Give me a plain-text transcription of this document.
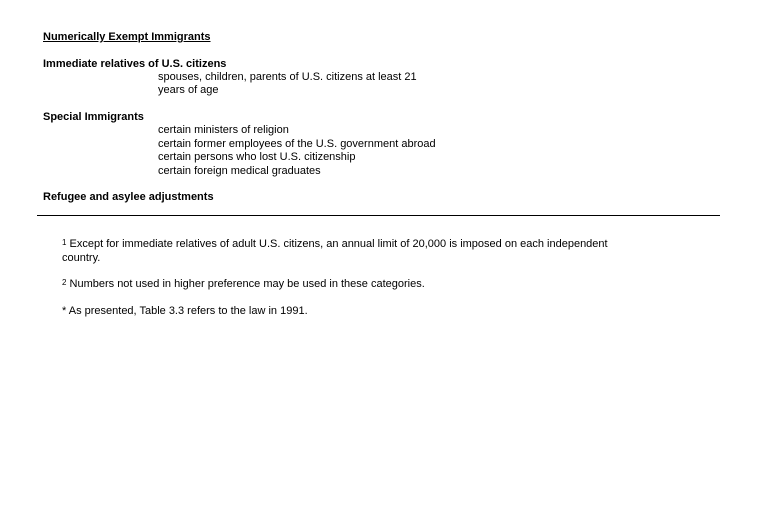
Numerically Exempt Immigrants
Immediate relatives of U.S. citizens
spouses, children, parents of U.S. citizens at least 21
years of age
Special Immigrants
certain ministers of religion
certain former employees of the U.S. government abroad
certain persons who lost U.S. citizenship
certain foreign medical graduates
Refugee and asylee adjustments
$^1$ Except for immediate relatives of adult U.S. citizens, an annual limit of 20,000 is imposed on each independent
country.
$^2$ Numbers not used in higher preference may be used in these categories.
* As presented, Table 3.3 refers to the law in 1991.
